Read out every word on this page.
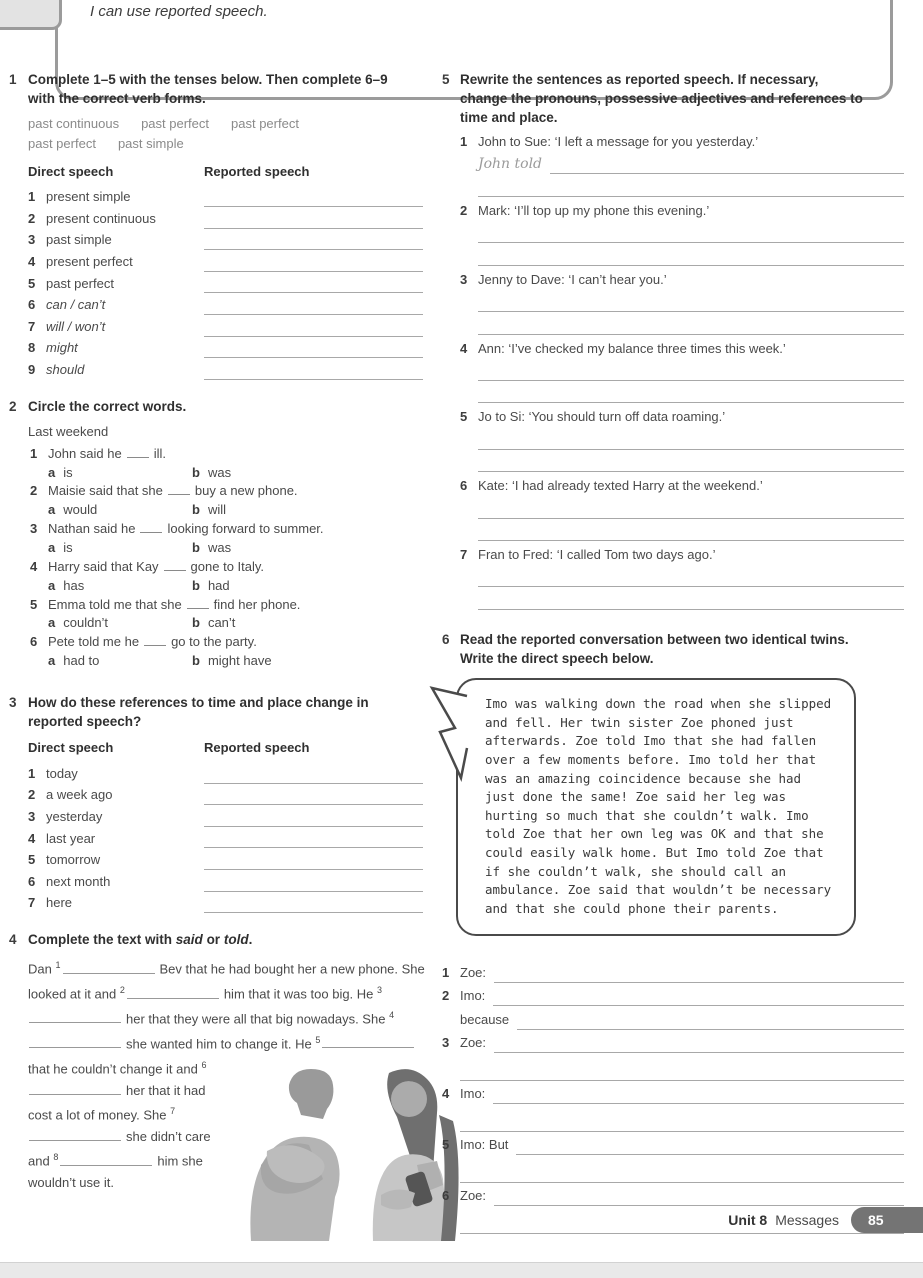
I can use reported speech.
1 Complete 1–5 with the tenses below. Then complete 6–9 with the correct verb forms.
past continuous past perfect past perfect
past perfect past simple
Direct speech	Reported speech
1 present simple
2 present continuous
3 past simple
4 present perfect
5 past perfect
6 can / can’t
7 will / won’t
8 might
9 should
2 Circle the correct words.
Last weekend
1 John said he ill.
a is	b was
2 Maisie said that she buy a new phone.
a would	b will
3 Nathan said he looking forward to summer.
a is	b was
4 Harry said that Kay gone to Italy.
a has	b had
5 Emma told me that she find her phone.
a couldn’t	b can’t
6 Pete told me he go to the party.
a had to	b might have
3 How do these references to time and place change in reported speech?
Direct speech	Reported speech
1 today
2 a week ago
3 yesterday
4 last year
5 tomorrow
6 next month
7 here
4 Complete the text with said or told.
Dan $^1$	Bev that he had bought her a new phone. She looked at it and $^2$	him that it was too big. He $^3$her that they were all that big nowadays. She $^4$she wanted him to change it. He $^5$that he couldn’t change it and $^6$her that it had cost a lot of money. She $^7$she didn’t care and $^8$	him she wouldn’t use it.
5 Rewrite the sentences as reported speech. If necessary, change the pronouns, possessive adjectives and references to time and place.
1 John to Sue: ‘I left a message for you yesterday.’
John told
2 Mark: ‘I’ll top up my phone this evening.’
3 Jenny to Dave: ‘I can’t hear you.’
4 Ann: ‘I’ve checked my balance three times this week.’
5 Jo to Si: ‘You should turn off data roaming.’
6 Kate: ‘I had already texted Harry at the weekend.’
7 Fran to Fred: ‘I called Tom two days ago.’
6 Read the reported conversation between two identical twins. Write the direct speech below.
Imo was walking down the road when she slipped and fell. Her twin sister Zoe phoned just afterwards. Zoe told Imo that she had fallen over a few moments before. Imo told her that was an amazing coincidence because she had just done the same! Zoe said her leg was hurting so much that she couldn’t walk. Imo told Zoe that her own leg was OK and that she could easily walk home. But Imo told Zoe that if she couldn’t walk, she should call an ambulance. Zoe said that wouldn’t be necessary and that she could phone their parents.
1 Zoe:
2 Imo:
because
3 Zoe:
4 Imo:
5 Imo: But
6 Zoe:
Unit 8 Messages	85
